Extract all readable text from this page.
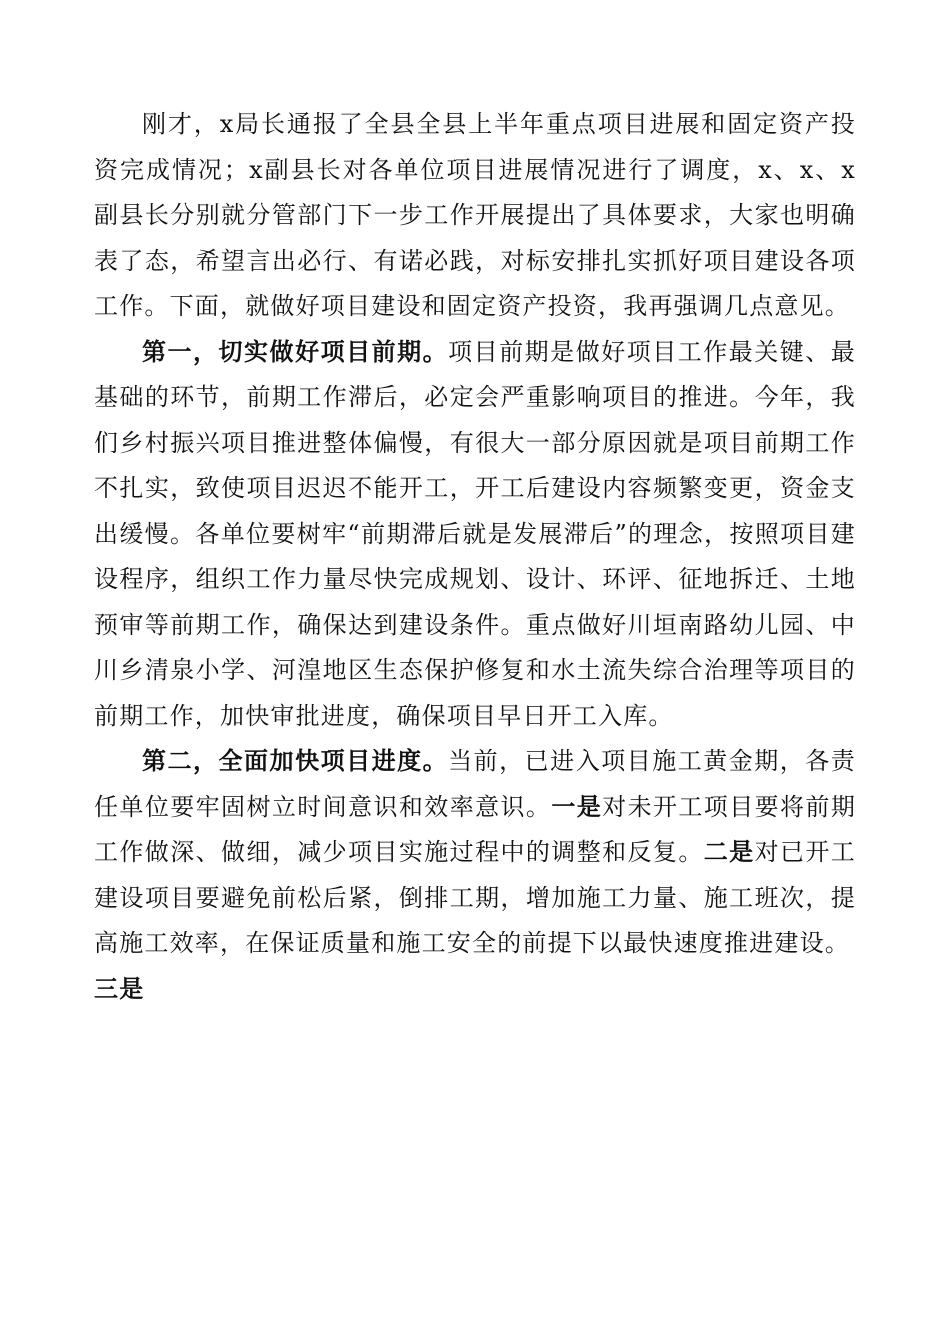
刚才，x局长通报了全县全县上半年重点项目进展和固定资产投资完成情况；x副县长对各单位项目进展情况进行了调度，x、x、x副县长分别就分管部门下一步工作开展提出了具体要求，大家也明确表了态，希望言出必行、有诺必践，对标安排扎实抓好项目建设各项工作。下面，就做好项目建设和固定资产投资，我再强调几点意见。

第一，切实做好项目前期。项目前期是做好项目工作最关键、最基础的环节，前期工作滞后，必定会严重影响项目的推进。今年，我们乡村振兴项目推进整体偏慢，有很大一部分原因就是项目前期工作不扎实，致使项目迟迟不能开工，开工后建设内容频繁变更，资金支出缓慢。各单位要树牢“前期滞后就是发展滞后”的理念，按照项目建设程序，组织工作力量尽快完成规划、设计、环评、征地拆迁、土地预审等前期工作，确保达到建设条件。重点做好川垣南路幼儿园、中川乡清泉小学、河湟地区生态保护修复和水土流失综合治理等项目的前期工作，加快审批进度，确保项目早日开工入库。

第二，全面加快项目进度。当前，已进入项目施工黄金期，各责任单位要牢固树立时间意识和效率意识。一是对未开工项目要将前期工作做深、做细，减少项目实施过程中的调整和反复。二是对已开工建设项目要避免前松后紧，倒排工期，增加施工力量、施工班次，提高施工效率，在保证质量和施工安全的前提下以最快速度推进建设。

三是
